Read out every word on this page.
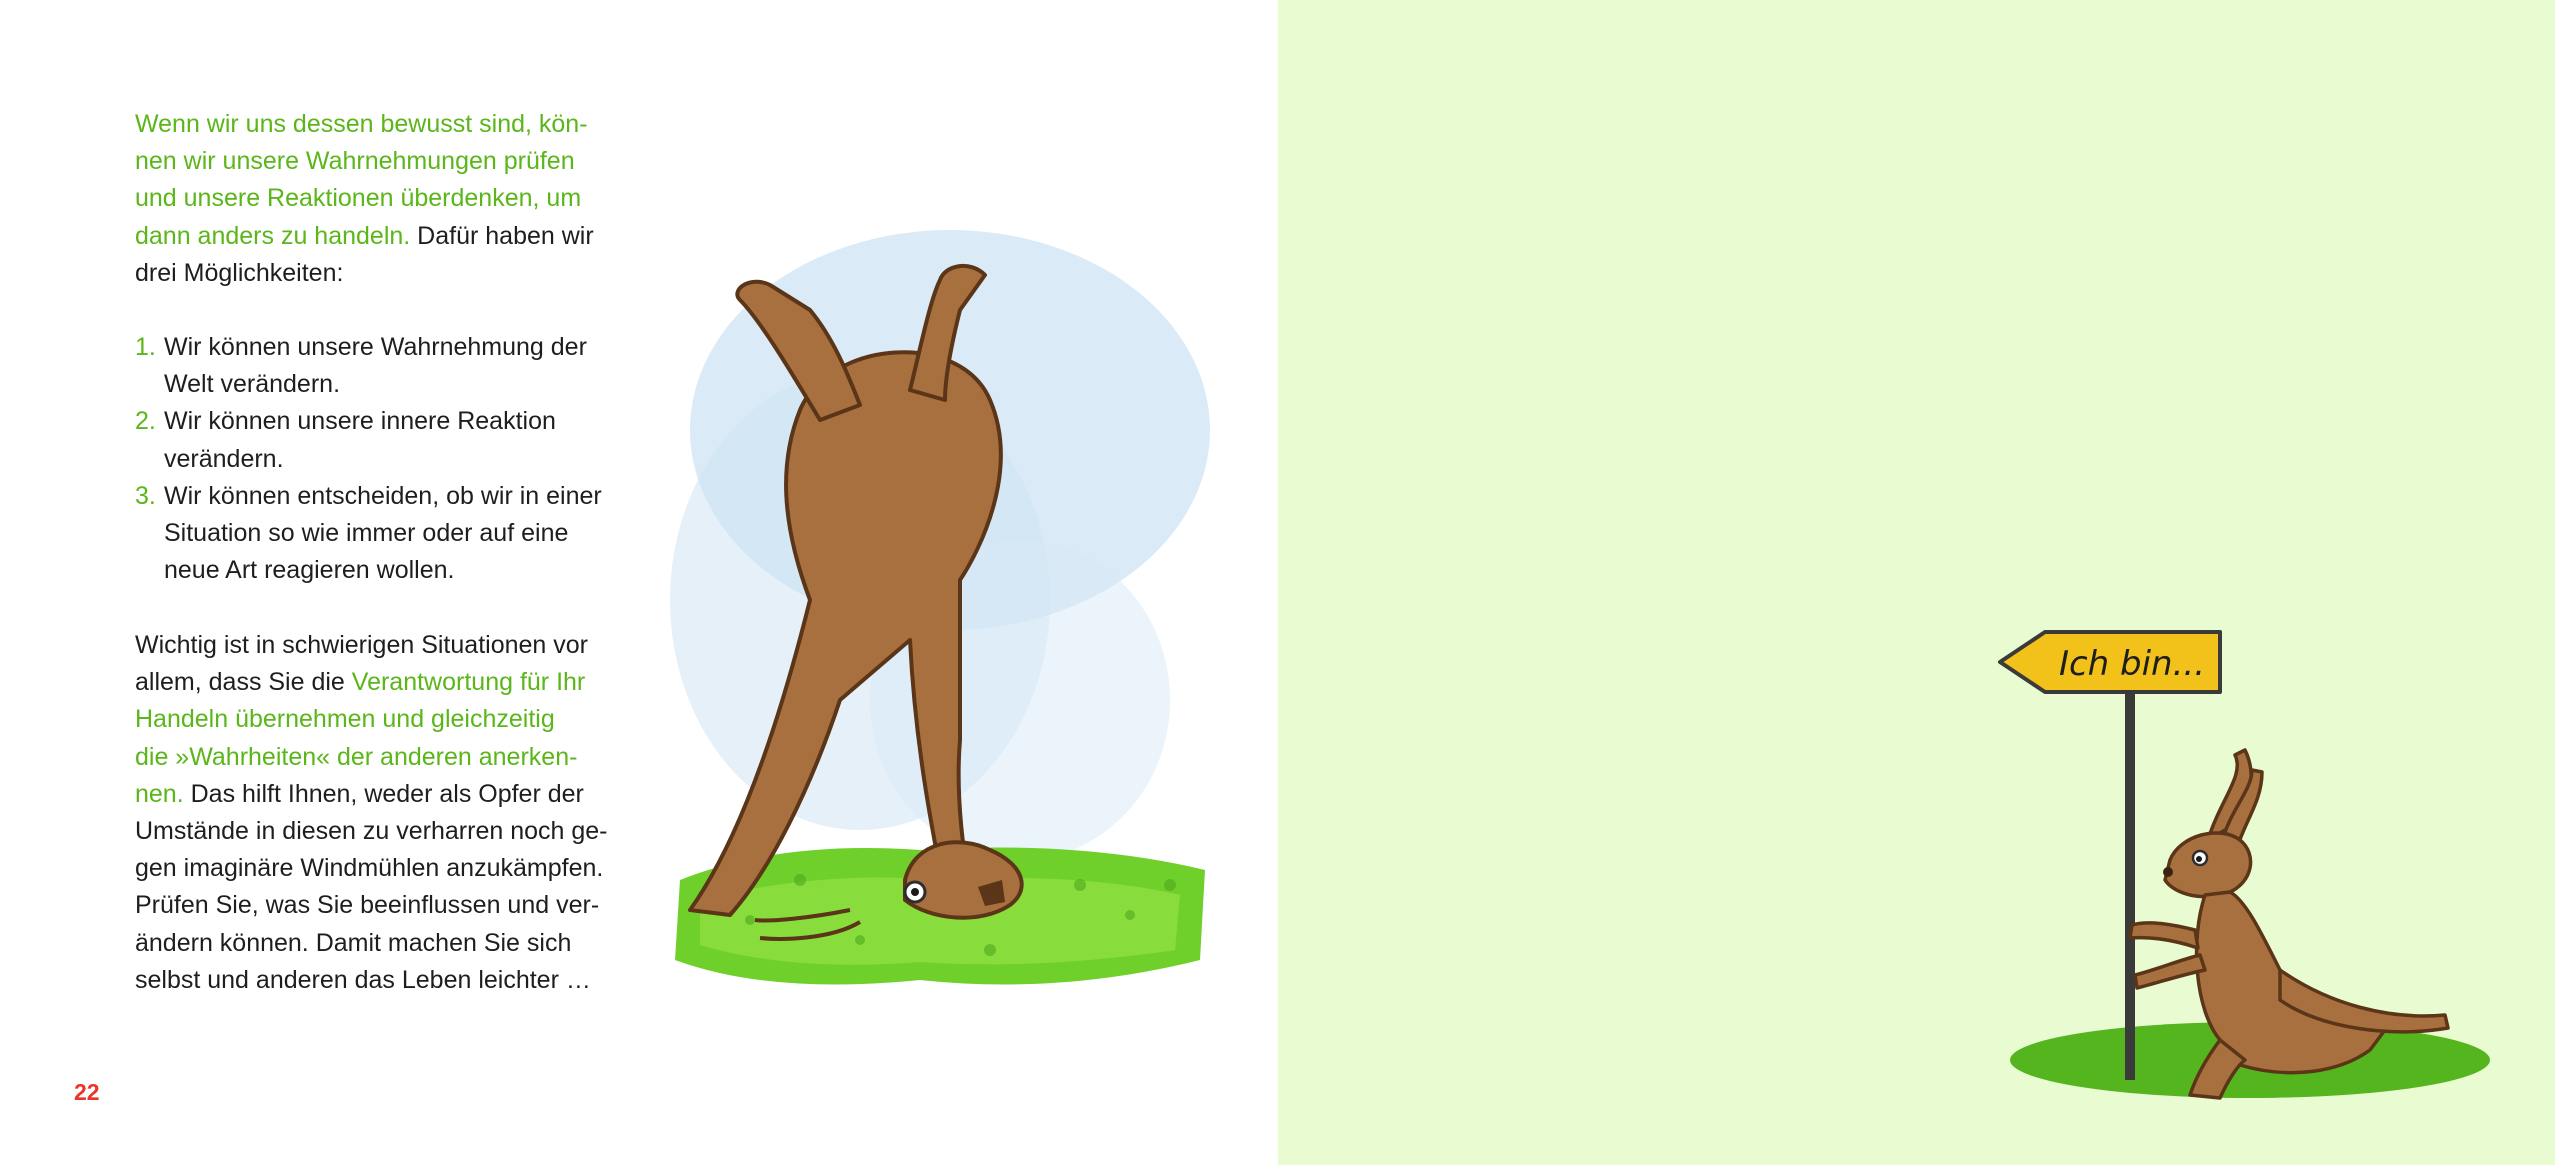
Wenn wir uns dessen bewusst sind, kön-
nen wir unsere Wahrnehmungen prüfen
und unsere Reaktionen überdenken, um
dann anders zu handeln. Dafür haben wir
drei Möglichkeiten:

1. Wir können unsere Wahrnehmung der
Welt verändern.
2. Wir können unsere innere Reaktion
verändern.
3. Wir können entscheiden, ob wir in einer
Situation so wie immer oder auf eine
neue Art reagieren wollen.

Wichtig ist in schwierigen Situationen vor
allem, dass Sie die Verantwortung für Ihr
Handeln übernehmen und gleichzeitig
die »Wahrheiten« der anderen anerken-
nen. Das hilft Ihnen, weder als Opfer der
Umstände in diesen zu verharren noch ge-
gen imaginäre Windmühlen anzukämpfen.
Prüfen Sie, was Sie beeinflussen und ver-
ändern können. Damit machen Sie sich
selbst und anderen das Leben leichter …

22
Ich bin...
